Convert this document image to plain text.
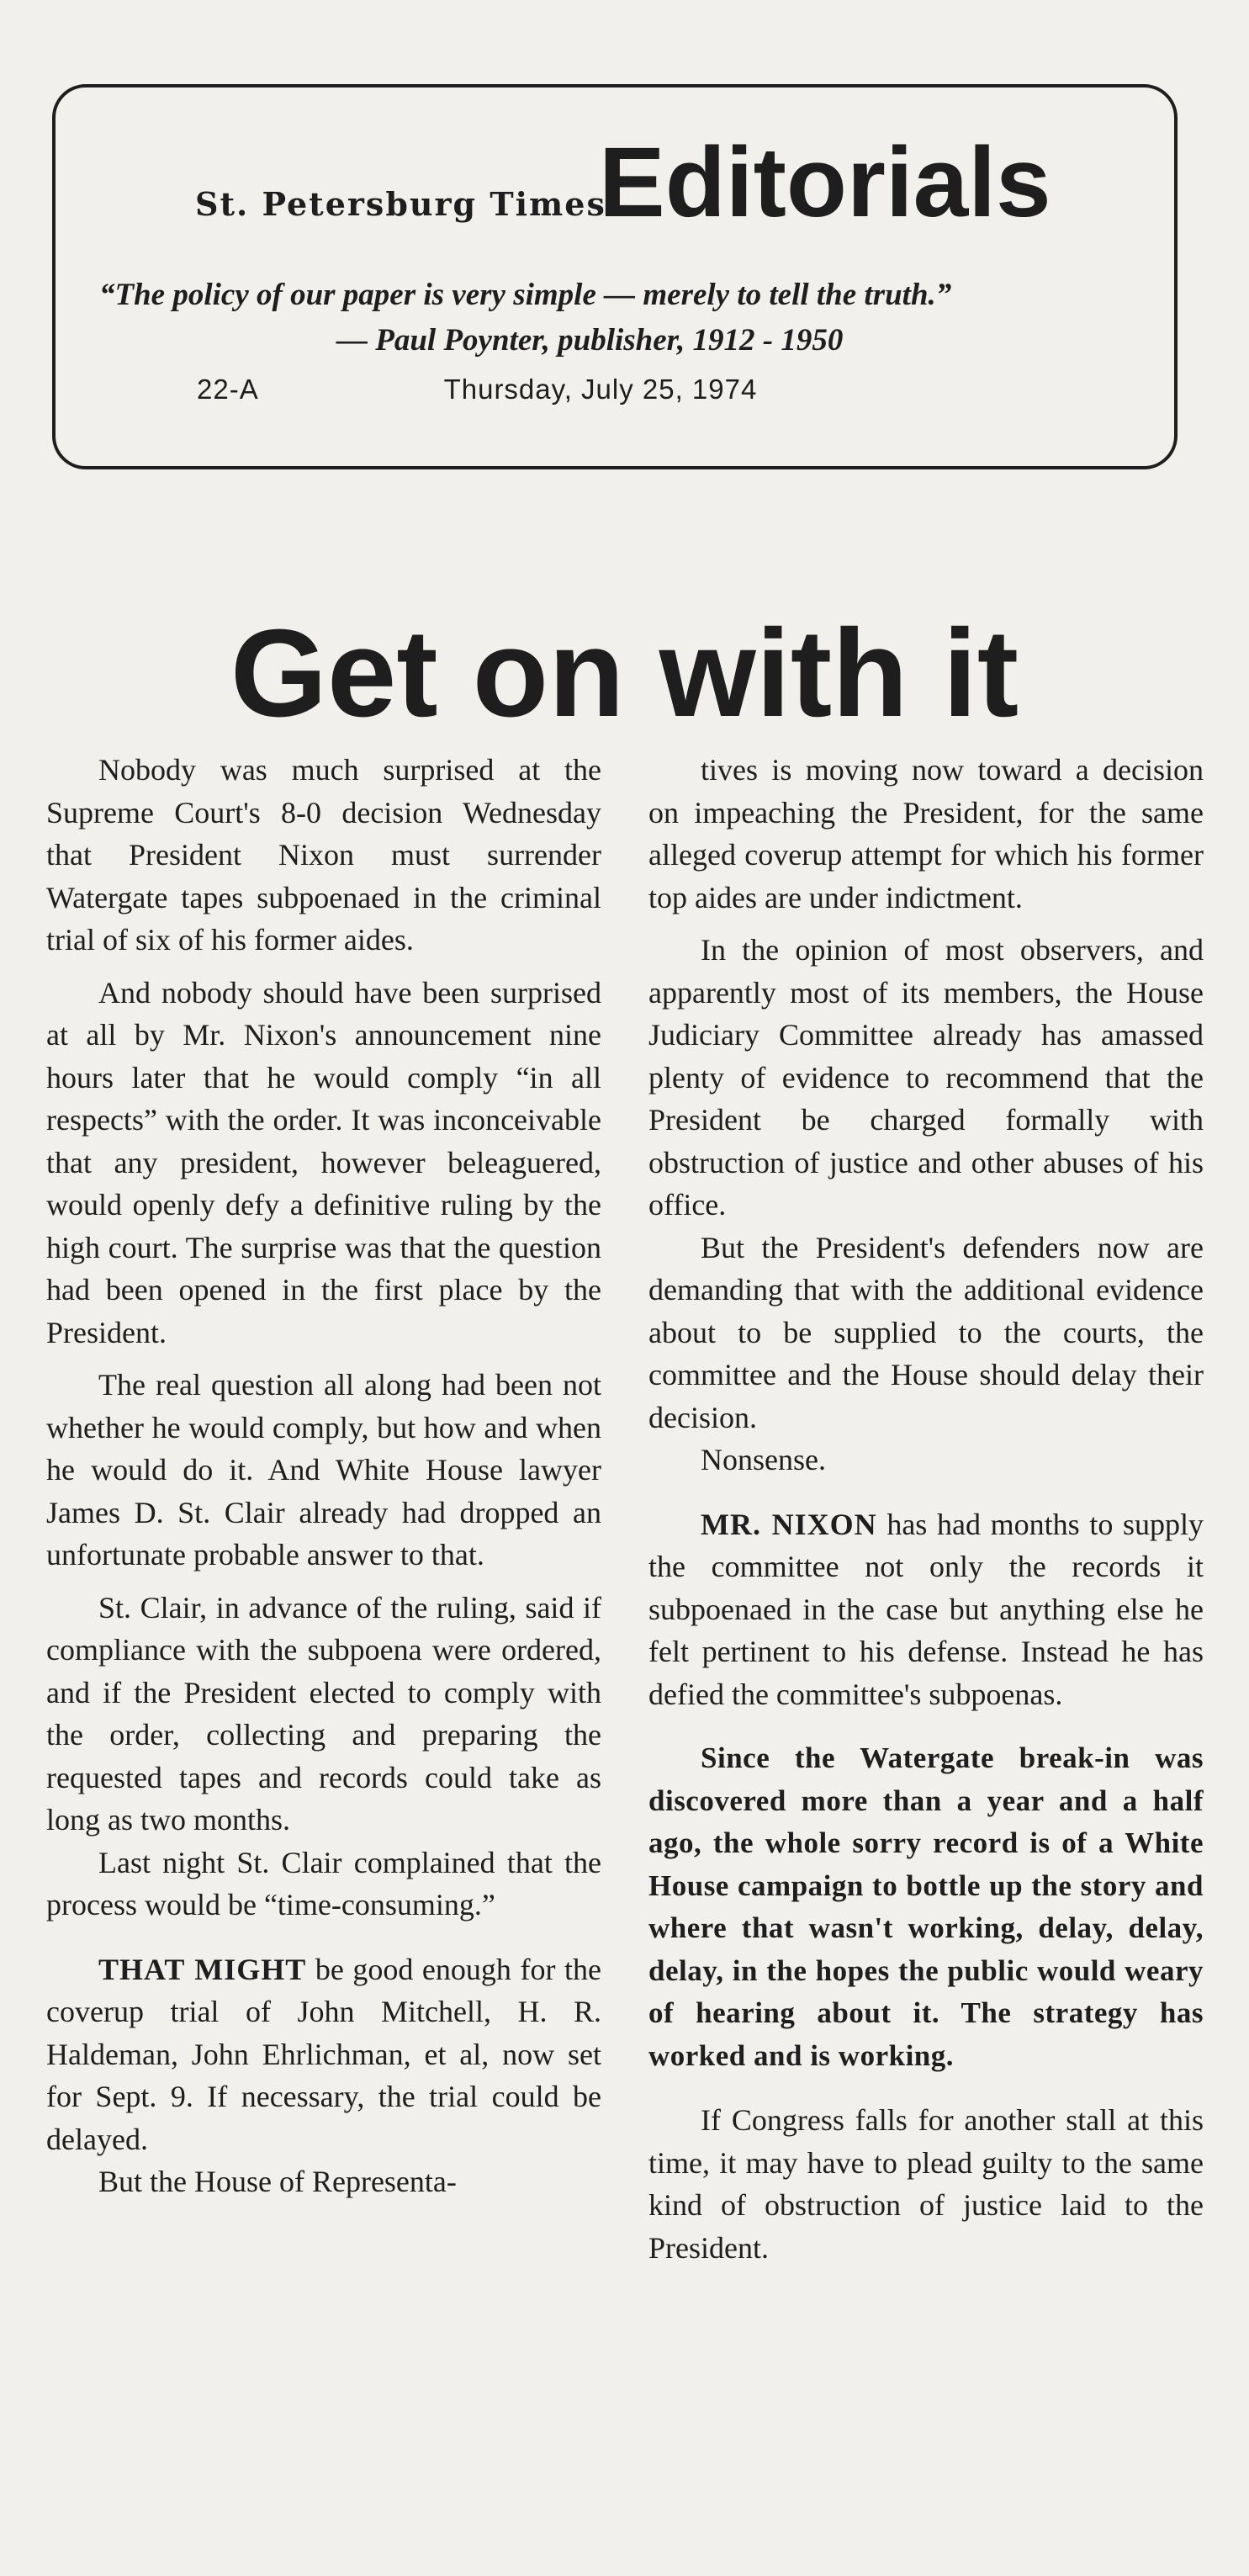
St. Petersburg Times
Editorials
“The policy of our paper is very simple — merely to tell the truth.”
— Paul Poynter, publisher, 1912 - 1950
22-A	Thursday, July 25, 1974
Get on with it

Nobody was much surprised at the Supreme Court's 8-0 decision Wednesday that President Nixon must surrender Watergate tapes subpoenaed in the criminal trial of six of his former aides.

And nobody should have been surprised at all by Mr. Nixon's announcement nine hours later that he would comply “in all respects” with the order. It was inconceivable that any president, however beleaguered, would openly defy a definitive ruling by the high court. The surprise was that the question had been opened in the first place by the President.

The real question all along had been not whether he would comply, but how and when he would do it. And White House lawyer James D. St. Clair already had dropped an unfortunate probable answer to that.

St. Clair, in advance of the ruling, said if compliance with the subpoena were ordered, and if the President elected to comply with the order, collecting and preparing the requested tapes and records could take as long as two months.

Last night St. Clair complained that the process would be “time-consuming.”

THAT MIGHT be good enough for the coverup trial of John Mitchell, H. R. Haldeman, John Ehrlichman, et al, now set for Sept. 9. If necessary, the trial could be delayed.

But the House of Representa-

tives is moving now toward a decision on impeaching the President, for the same alleged coverup attempt for which his former top aides are under indictment.

In the opinion of most observers, and apparently most of its members, the House Judiciary Committee already has amassed plenty of evidence to recommend that the President be charged formally with obstruction of justice and other abuses of his office.

But the President's defenders now are demanding that with the additional evidence about to be supplied to the courts, the committee and the House should delay their decision.

Nonsense.

MR. NIXON has had months to supply the committee not only the records it subpoenaed in the case but anything else he felt pertinent to his defense. Instead he has defied the committee's subpoenas.

Since the Watergate break-in was discovered more than a year and a half ago, the whole sorry record is of a White House campaign to bottle up the story and where that wasn't working, delay, delay, delay, in the hopes the public would weary of hearing about it. The strategy has worked and is working.

If Congress falls for another stall at this time, it may have to plead guilty to the same kind of obstruction of justice laid to the President.
